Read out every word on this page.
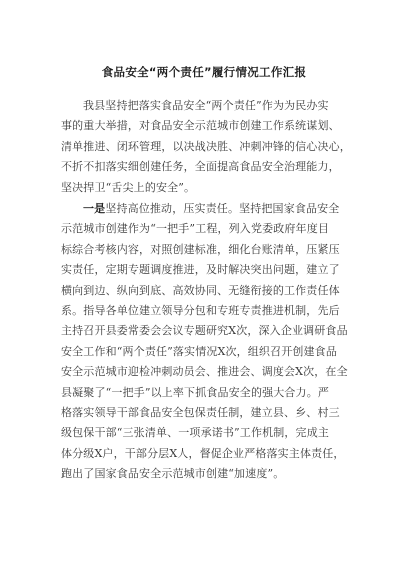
食品安全“两个责任”履行情况工作汇报
我县坚持把落实食品安全“两个责任”作为为民办实
事的重大举措，对食品安全示范城市创建工作系统谋划、
清单推进、闭环管理，以决战决胜、冲刺冲锋的信心决心，
不折不扣落实细创建任务，全面提高食品安全治理能力，
坚决捍卫“舌尖上的安全”。
一是坚持高位推动，压实责任。坚持把国家食品安全
示范城市创建作为“一把手”工程，列入党委政府年度目
标综合考核内容，对照创建标准，细化台账清单，压紧压
实责任，定期专题调度推进，及时解决突出问题，建立了
横向到边、纵向到底、高效协同、无缝衔接的工作责任体
系。指导各单位建立领导分包和专班专责推进机制，先后
主持召开县委常委会会议专题研究X次，深入企业调研食品
安全工作和“两个责任”落实情况X次，组织召开创建食品
安全示范城市迎检冲刺动员会、推进会、调度会X次，在全
县凝聚了“一把手”以上率下抓食品安全的强大合力。严
格落实领导干部食品安全包保责任制，建立县、乡、村三
级包保干部“三张清单、一项承诺书”工作机制，完成主
体分级X户，干部分层X人，督促企业严格落实主体责任，
跑出了国家食品安全示范城市创建“加速度”。
